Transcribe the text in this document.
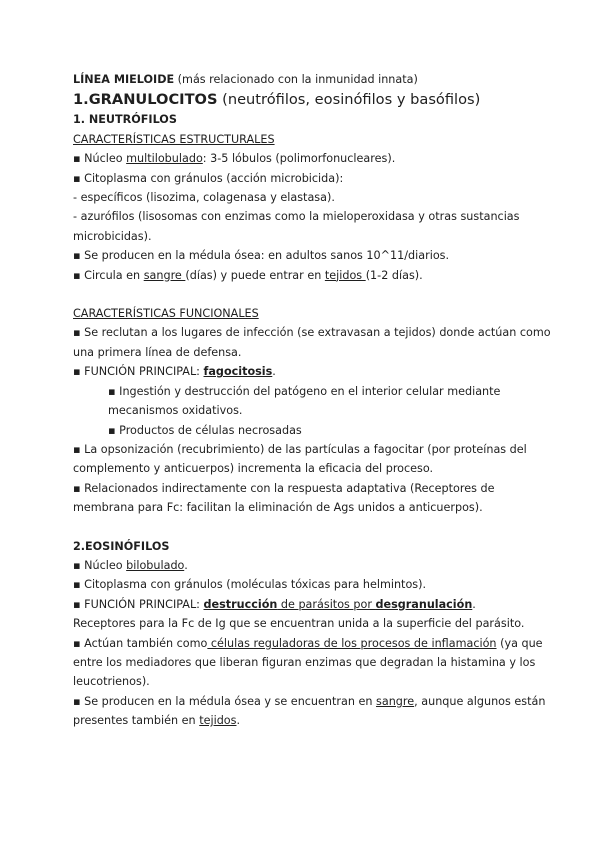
LÍNEA MIELOIDE (más relacionado con la inmunidad innata)
1.GRANULOCITOS (neutrófilos, eosinófilos y basófilos)
1. NEUTRÓFILOS
CARACTERÍSTICAS ESTRUCTURALES
▪ Núcleo multilobulado: 3-5 lóbulos (polimorfonucleares).
▪ Citoplasma con gránulos (acción microbicida):
- específicos (lisozima, colagenasa y elastasa).
- azurófilos (lisosomas con enzimas como la mieloperoxidasa y otras sustancias
microbicidas).
▪ Se producen en la médula ósea: en adultos sanos 10^11/diarios.
▪ Circula en sangre (días) y puede entrar en tejidos (1-2 días).
CARACTERÍSTICAS FUNCIONALES
▪ Se reclutan a los lugares de infección (se extravasan a tejidos) donde actúan como
una primera línea de defensa.
▪ FUNCIÓN PRINCIPAL: fagocitosis.
▪ Ingestión y destrucción del patógeno en el interior celular mediante
mecanismos oxidativos.
▪ Productos de células necrosadas
▪ La opsonización (recubrimiento) de las partículas a fagocitar (por proteínas del
complemento y anticuerpos) incrementa la eficacia del proceso.
▪ Relacionados indirectamente con la respuesta adaptativa (Receptores de
membrana para Fc: facilitan la eliminación de Ags unidos a anticuerpos).
2.EOSINÓFILOS
▪ Núcleo bilobulado.
▪ Citoplasma con gránulos (moléculas tóxicas para helmintos).
▪ FUNCIÓN PRINCIPAL: destrucción de parásitos por desgranulación.
Receptores para la Fc de Ig que se encuentran unida a la superficie del parásito.
▪ Actúan también como células reguladoras de los procesos de inflamación (ya que
entre los mediadores que liberan figuran enzimas que degradan la histamina y los
leucotrienos).
▪ Se producen en la médula ósea y se encuentran en sangre, aunque algunos están
presentes también en tejidos.
